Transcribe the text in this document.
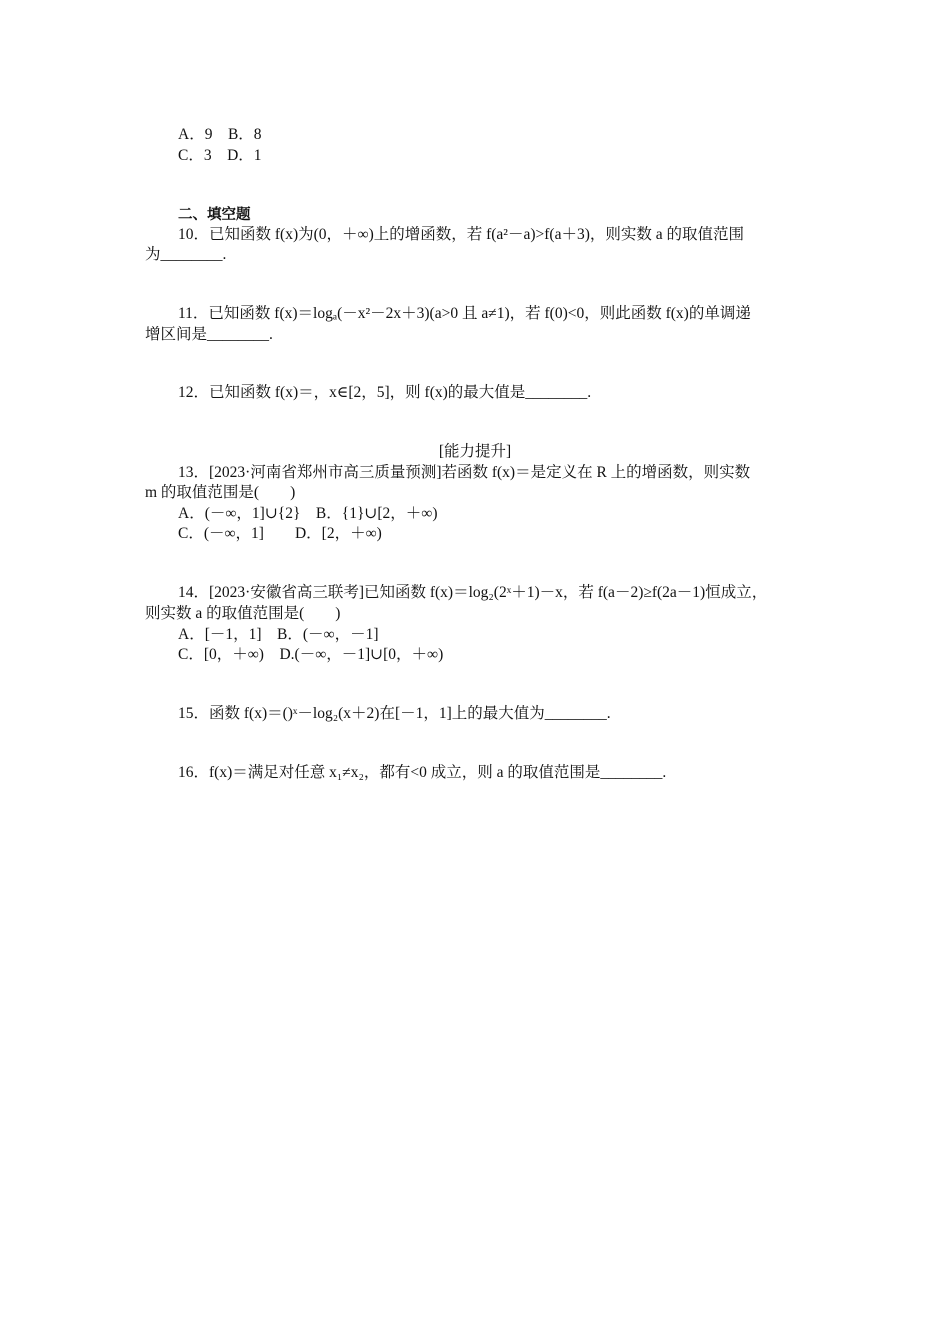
A．9　B．8
C．3　D．1
二、填空题
10．已知函数 f(x)为(0，＋∞)上的增函数，若 f(a²－a)>f(a＋3)，则实数 a 的取值范围
为________.
11．已知函数 f(x)＝logₐ(－x²－2x＋3)(a>0 且 a≠1)，若 f(0)<0，则此函数 f(x)的单调递
增区间是________.
12．已知函数 f(x)＝，x∈[2，5]，则 f(x)的最大值是________.
[能力提升]
13．[2023·河南省郑州市高三质量预测]若函数 f(x)＝是定义在 R 上的增函数，则实数
m 的取值范围是(　　)
A．(－∞，1]∪{2}　B．{1}∪[2，＋∞)
C．(－∞，1]　　D．[2，＋∞)
14．[2023·安徽省高三联考]已知函数 f(x)＝log₂(2ˣ＋1)－x，若 f(a－2)≥f(2a－1)恒成立，
则实数 a 的取值范围是(　　)
A．[－1，1]　B．(－∞，－1]
C．[0，＋∞)　D.(－∞，－1]∪[0，＋∞)
15．函数 f(x)＝()ˣ－log₂(x＋2)在[－1，1]上的最大值为________.
16．f(x)＝满足对任意 x₁≠x₂，都有<0 成立，则 a 的取值范围是________.
